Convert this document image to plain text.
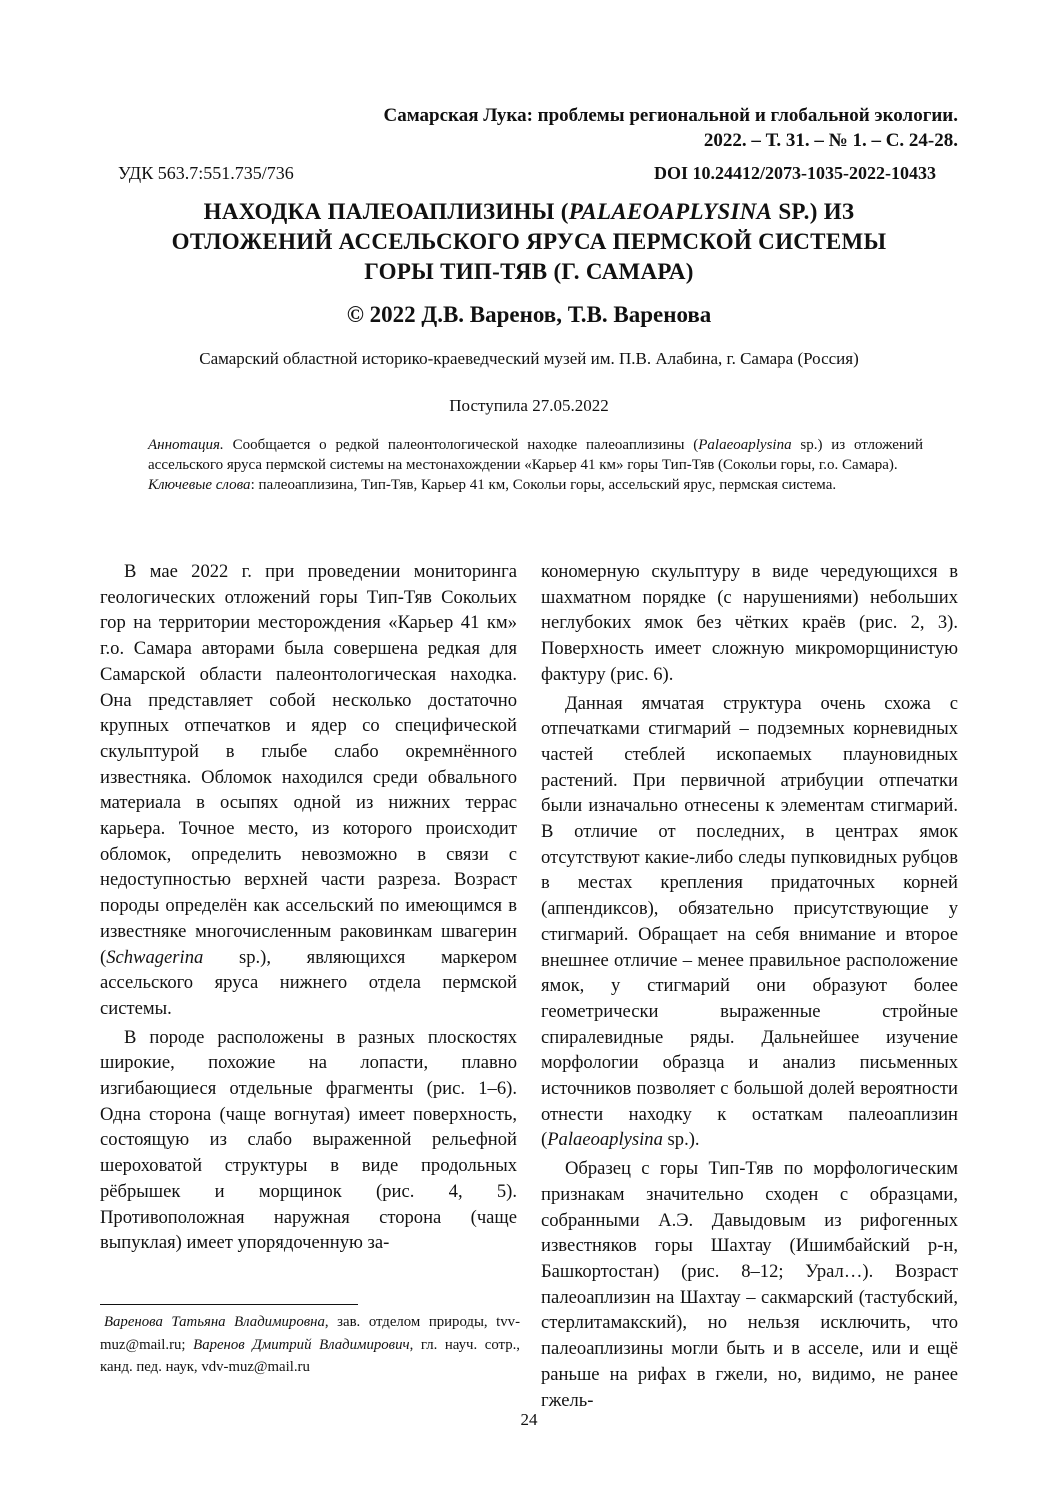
Самарская Лука: проблемы региональной и глобальной экологии.
2022. – Т. 31. – № 1. – С. 24-28.
УДК 563.7:551.735/736	DOI 10.24412/2073-1035-2022-10433
НАХОДКА ПАЛЕОАПЛИЗИНЫ (PALAEOAPLYSINA SP.) ИЗ
ОТЛОЖЕНИЙ АССЕЛЬСКОГО ЯРУСА ПЕРМСКОЙ СИСТЕМЫ
ГОРЫ ТИП-ТЯВ (Г. САМАРА)
© 2022 Д.В. Варенов, Т.В. Варенова
Самарский областной историко-краеведческий музей им. П.В. Алабина, г. Самара (Россия)
Поступила 27.05.2022

Аннотация. Сообщается о редкой палеонтологической находке палеоаплизины (Palaeoaplysina sp.) из отложений ассельского яруса пермской системы на местонахождении «Карьер 41 км» горы Тип-Тяв (Сокольи горы, г.о. Самара).

Ключевые слова: палеоаплизина, Тип-Тяв, Карьер 41 км, Сокольи горы, ассельский ярус, пермская система.

В мае 2022 г. при проведении мониторинга геологических отложений горы Тип-Тяв Сокольих гор на территории месторождения «Карьер 41 км» г.о. Самара авторами была совершена редкая для Самарской области палеонтологическая находка. Она представляет собой несколько достаточно крупных отпечатков и ядер со специфической скульптурой в глыбе слабо окремнённого известняка. Обломок находился среди обвального материала в осыпях одной из нижних террас карьера. Точное место, из которого происходит обломок, определить невозможно в связи с недоступностью верхней части разреза. Возраст породы определён как ассельский по имеющимся в известняке многочисленным раковинкам швагерин (Schwagerina sp.), являющихся маркером ассельского яруса нижнего отдела пермской системы.

В породе расположены в разных плоскостях широкие, похожие на лопасти, плавно изгибающиеся отдельные фрагменты (рис. 1–6). Одна сторона (чаще вогнутая) имеет поверхность, состоящую из слабо выраженной рельефной шероховатой структуры в виде продольных рёбрышек и морщинок (рис. 4, 5). Противоположная наружная сторона (чаще выпуклая) имеет упорядоченную за-

кономерную скульптуру в виде чередующихся в шахматном порядке (с нарушениями) небольших неглубоких ямок без чётких краёв (рис. 2, 3). Поверхность имеет сложную микроморщинистую фактуру (рис. 6).

Данная ямчатая структура очень схожа с отпечатками стигмарий – подземных корневидных частей стеблей ископаемых плауновидных растений. При первичной атрибуции отпечатки были изначально отнесены к элементам стигмарий. В отличие от последних, в центрах ямок отсутствуют какие-либо следы пупковидных рубцов в местах крепления придаточных корней (аппендиксов), обязательно присутствующие у стигмарий. Обращает на себя внимание и второе внешнее отличие – менее правильное расположение ямок, у стигмарий они образуют более геометрически выраженные стройные спиралевидные ряды. Дальнейшее изучение морфологии образца и анализ письменных источников позволяет с большой долей вероятности отнести находку к остаткам палеоаплизин (Palaeoaplysina sp.).

Образец с горы Тип-Тяв по морфологическим признакам значительно сходен с образцами, собранными А.Э. Давыдовым из рифогенных известняков горы Шахтау (Ишимбайский р-н, Башкортостан) (рис. 8–12; Урал…). Возраст палеоаплизин на Шахтау – сакмарский (тастубский, стерлитамакский), но нельзя исключить, что палеоаплизины могли быть и в асселе, или и ещё раньше на рифах в гжели, но, видимо, не ранее гжель-

Варенова Татьяна Владимировна, зав. отделом природы, tvv-muz@mail.ru; Варенов Дмитрий Владимирович, гл. науч. сотр., канд. пед. наук, vdv-muz@mail.ru

24
